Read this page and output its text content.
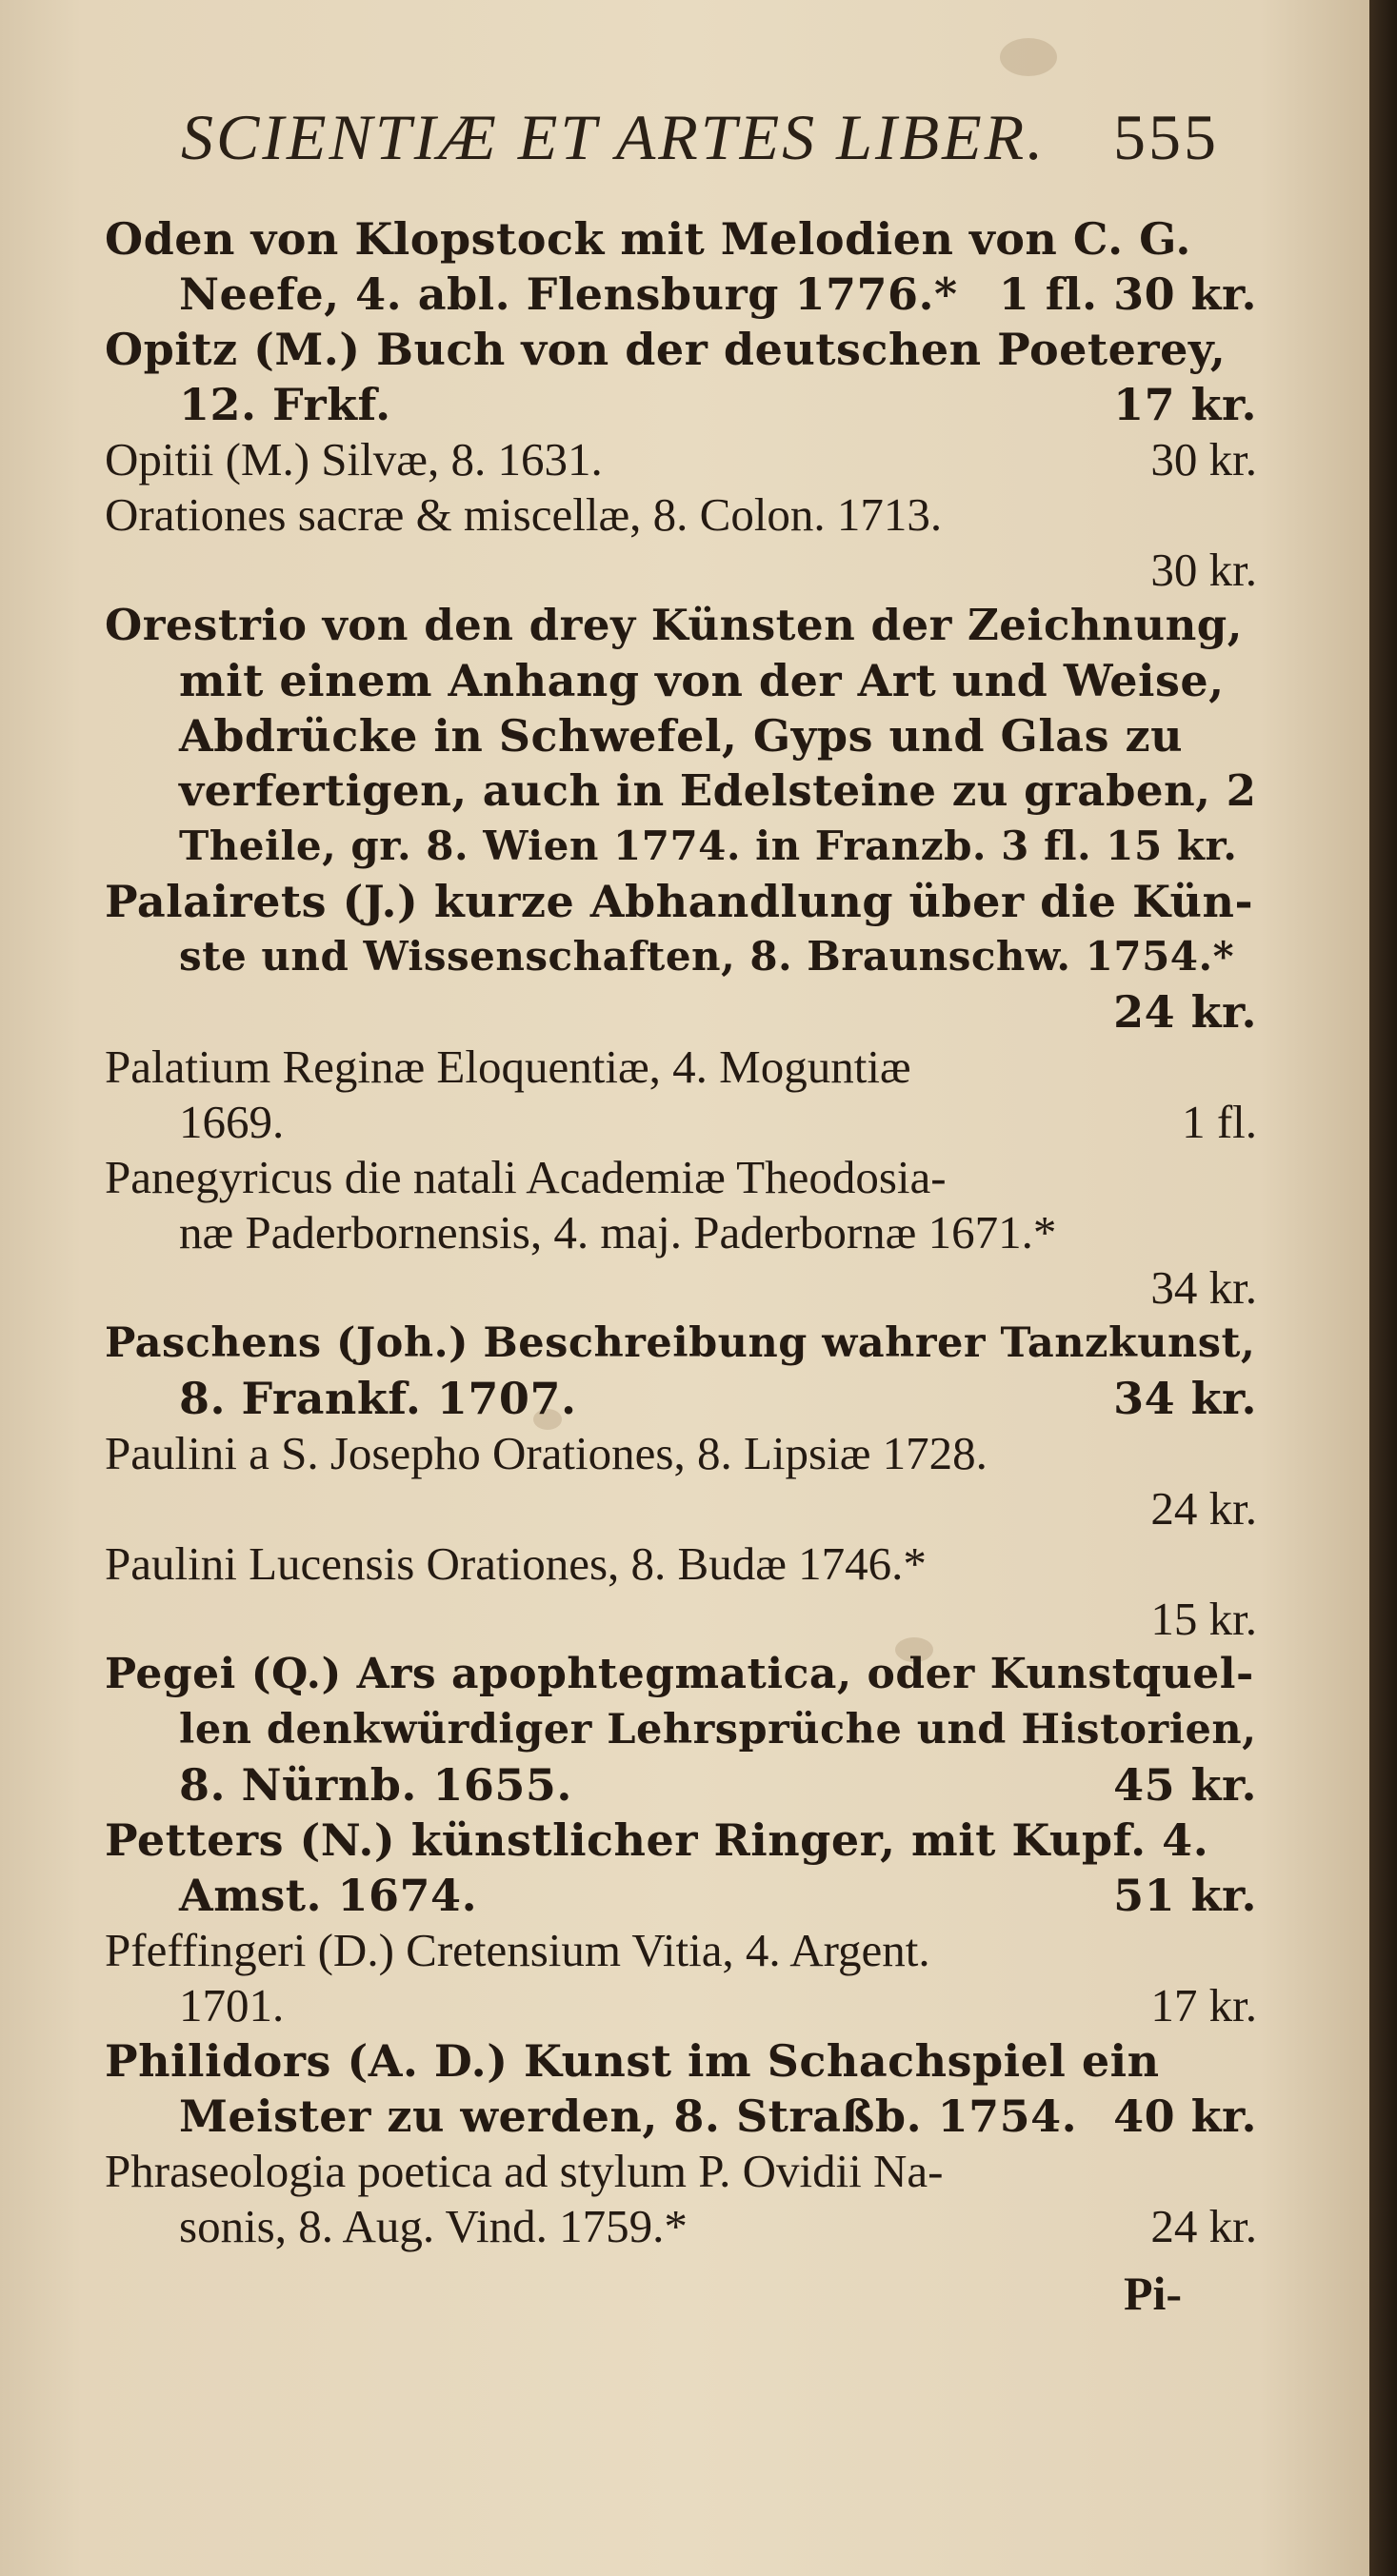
SCIENTIÆ ET ARTES LIBER. 555
Oden von Klopstock mit Melodien von C. G.
Neefe, 4. abl. Flensburg 1776.* 1 fl. 30 kr.
Opitz (M.) Buch von der deutschen Poeterey,
12. Frkf.	17 kr.
Opitii (M.) Silvæ, 8. 1631.	30 kr.
Orationes sacræ & miscellæ, 8. Colon. 1713.
30 kr.
Orestrio von den drey Künsten der Zeichnung,
mit einem Anhang von der Art und Weise,
Abdrücke in Schwefel, Gyps und Glas zu
verfertigen, auch in Edelsteine zu graben, 2
Theile, gr. 8. Wien 1774. in Franzb. 3 fl. 15 kr.
Palairets (J.) kurze Abhandlung über die Kün-
ste und Wissenschaften, 8. Braunschw. 1754.*
24 kr.
Palatium Reginæ Eloquentiæ, 4. Moguntiæ
1669.	1 fl.
Panegyricus die natali Academiæ Theodosia-
næ Paderbornensis, 4. maj. Paderbornæ 1671.*
34 kr.
Paschens (Joh.) Beschreibung wahrer Tanzkunst,
8. Frankf. 1707.	34 kr.
Paulini a S. Josepho Orationes, 8. Lipsiæ 1728.
24 kr.
Paulini Lucensis Orationes, 8. Budæ 1746.*
15 kr.
Pegei (Q.) Ars apophtegmatica, oder Kunstquel-
len denkwürdiger Lehrsprüche und Historien,
8. Nürnb. 1655.	45 kr.
Petters (N.) künstlicher Ringer, mit Kupf. 4.
Amst. 1674.	51 kr.
Pfeffingeri (D.) Cretensium Vitia, 4. Argent.
1701.	17 kr.
Philidors (A. D.) Kunst im Schachspiel ein
Meister zu werden, 8. Straßb. 1754. 40 kr.
Phraseologia poetica ad stylum P. Ovidii Na-
sonis, 8. Aug. Vind. 1759.*	24 kr.
Pi-
